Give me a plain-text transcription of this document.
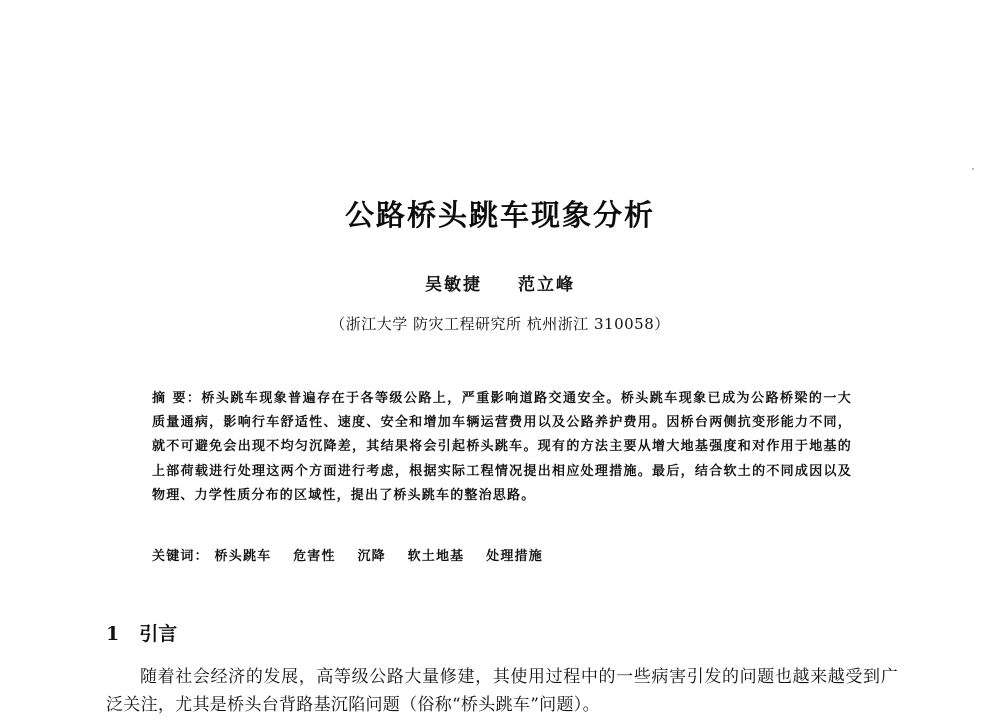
公路桥头跳车现象分析
吴敏捷 范立峰
（浙江大学 防灾工程研究所 杭州浙江 310058）
摘 要：桥头跳车现象普遍存在于各等级公路上，严重影响道路交通安全。桥头跳车现象已成为公路桥梁的一大质量通病，影响行车舒适性、速度、安全和增加车辆运营费用以及公路养护费用。因桥台两侧抗变形能力不同，就不可避免会出现不均匀沉降差，其结果将会引起桥头跳车。现有的方法主要从增大地基强度和对作用于地基的上部荷载进行处理这两个方面进行考虑，根据实际工程情况提出相应处理措施。最后，结合软土的不同成因以及物理、力学性质分布的区域性，提出了桥头跳车的整治思路。
关键词： 桥头跳车 危害性 沉降 软土地基 处理措施
1 引言
随着社会经济的发展，高等级公路大量修建，其使用过程中的一些病害引发的问题也越来越受到广泛关注，尤其是桥头台背路基沉陷问题（俗称“桥头跳车”问题）。
